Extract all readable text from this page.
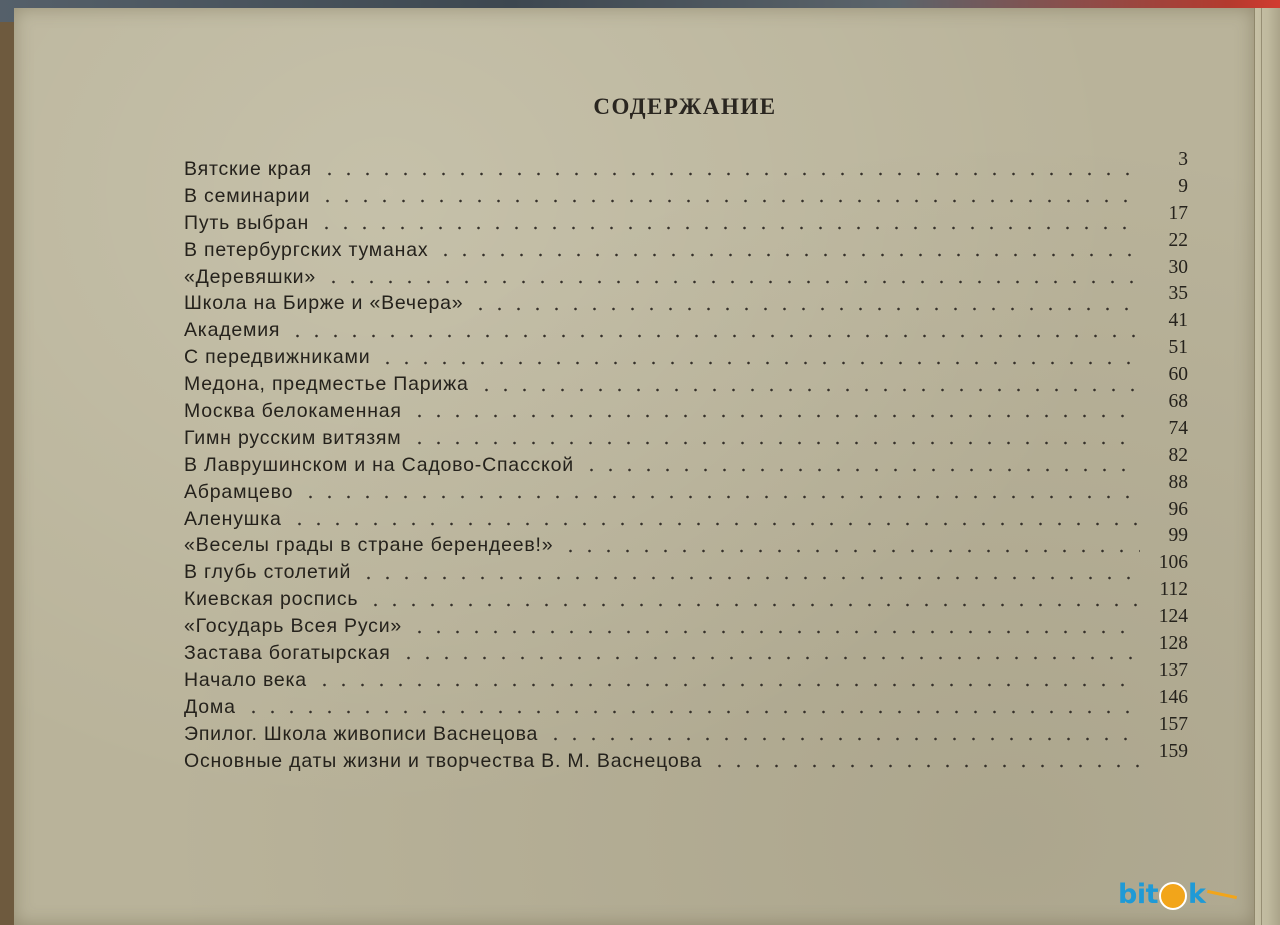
СОДЕРЖАНИЕ
Вятские края	3
В семинарии	9
Путь выбран	17
В петербургских туманах	22
«Деревяшки»	30
Школа на Бирже и «Вечера»	35
Академия	41
С передвижниками	51
Медона, предместье Парижа	60
Москва белокаменная	68
Гимн русским витязям	74
В Лаврушинском и на Садово-Спасской	82
Абрамцево	88
Аленушка	96
«Веселы грады в стране берендеев!»	99
В глубь столетий	106
Киевская роспись	112
«Государь Всея Руси»	124
Застава богатырская	128
Начало века	137
Дома	146
Эпилог. Школа живописи Васнецова	157
Основные даты жизни и творчества В. М. Васнецова	159
bit k
